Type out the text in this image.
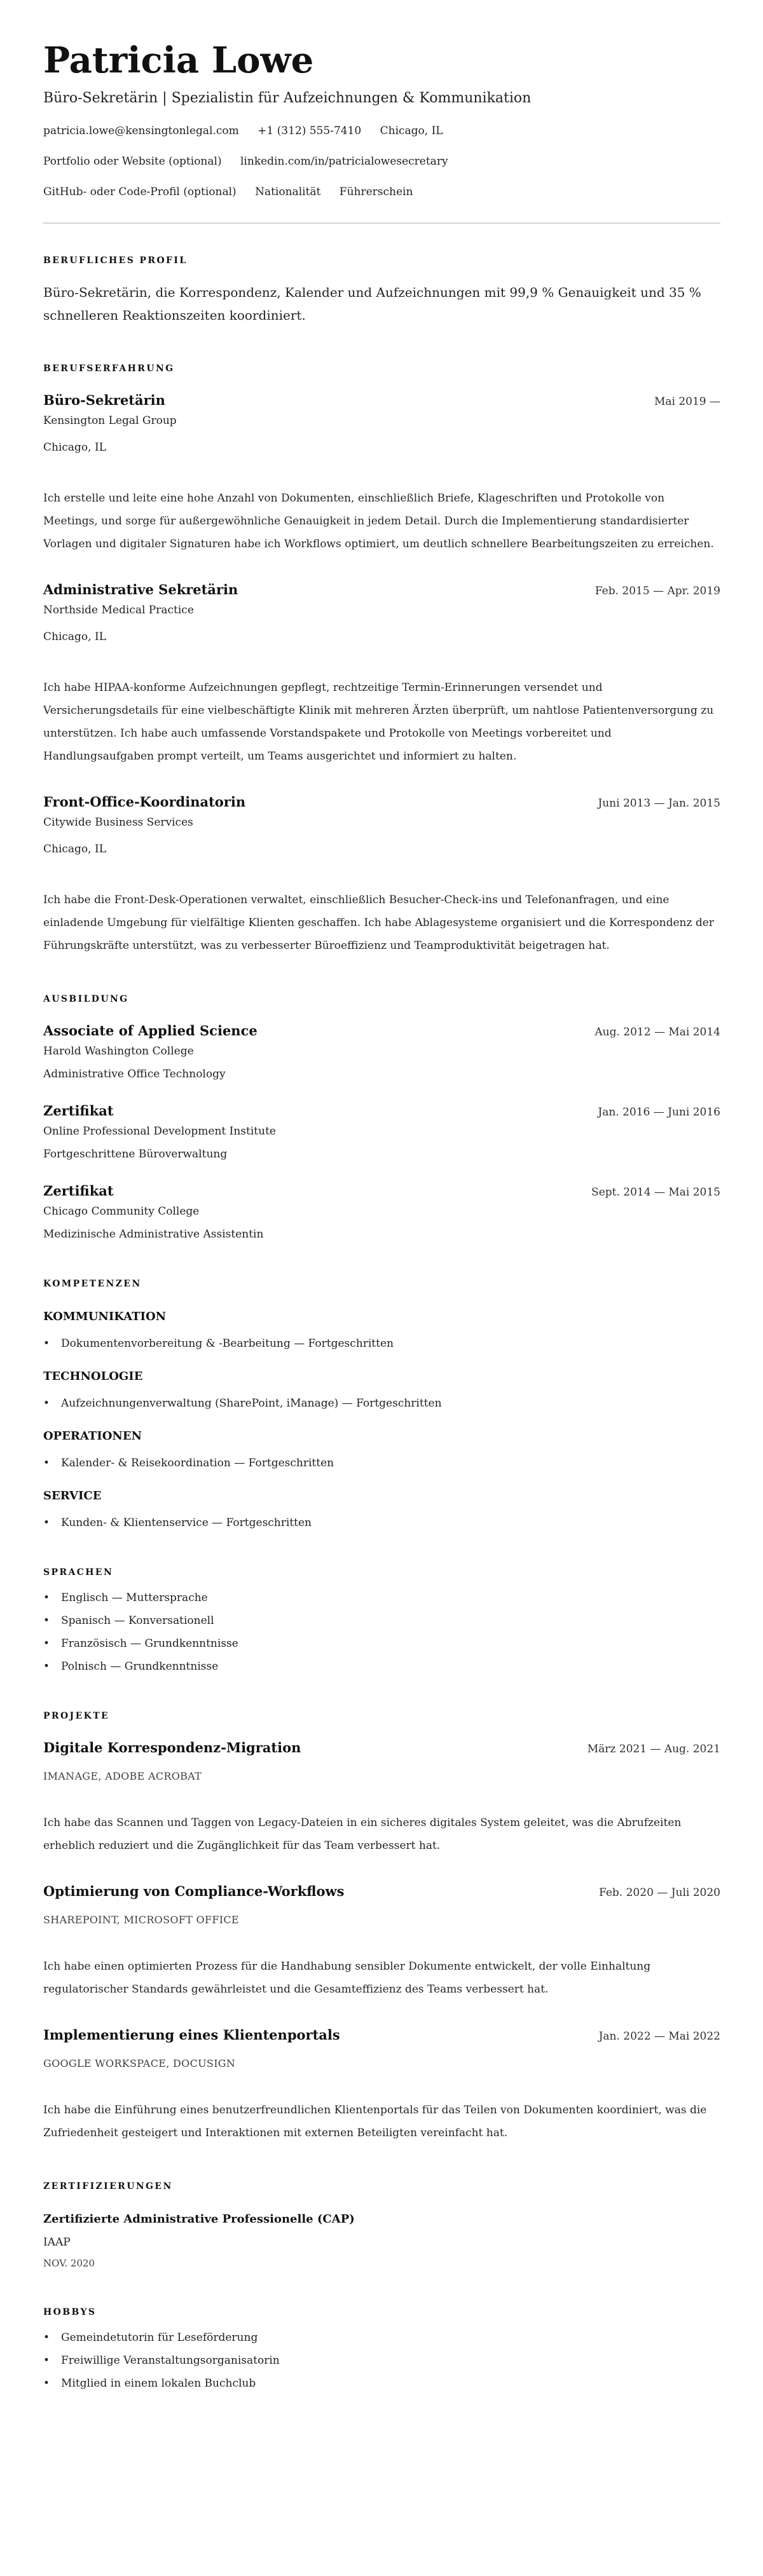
Patricia Lowe
Büro-Sekretärin | Spezialistin für Aufzeichnungen & Kommunikation
patricia.lowe@kensingtonlegal.com +1 (312) 555-7410 Chicago, IL
Portfolio oder Website (optional) linkedin.com/in/patricialowesecretary
GitHub- oder Code-Profil (optional) Nationalität Führerschein
BERUFLICHES PROFIL

Büro-Sekretärin, die Korrespondenz, Kalender und Aufzeichnungen mit 99,9 % Genauigkeit und 35 % schnelleren Reaktionszeiten koordiniert.

BERUFSERFAHRUNG
Büro-Sekretärin	Mai 2019 —
Kensington Legal Group
Chicago, IL

Ich erstelle und leite eine hohe Anzahl von Dokumenten, einschließlich Briefe, Klageschriften und Protokolle von Meetings, und sorge für außergewöhnliche Genauigkeit in jedem Detail. Durch die Implementierung standardisierter Vorlagen und digitaler Signaturen habe ich Workflows optimiert, um deutlich schnellere Bearbeitungszeiten zu erreichen.

Administrative Sekretärin	Feb. 2015 — Apr. 2019
Northside Medical Practice
Chicago, IL

Ich habe HIPAA-konforme Aufzeichnungen gepflegt, rechtzeitige Termin-Erinnerungen versendet und Versicherungsdetails für eine vielbeschäftigte Klinik mit mehreren Ärzten überprüft, um nahtlose Patientenversorgung zu unterstützen. Ich habe auch umfassende Vorstandspakete und Protokolle von Meetings vorbereitet und Handlungsaufgaben prompt verteilt, um Teams ausgerichtet und informiert zu halten.

Front-Office-Koordinatorin	Juni 2013 — Jan. 2015
Citywide Business Services
Chicago, IL

Ich habe die Front-Desk-Operationen verwaltet, einschließlich Besucher-Check-ins und Telefonanfragen, und eine einladende Umgebung für vielfältige Klienten geschaffen. Ich habe Ablagesysteme organisiert und die Korrespondenz der Führungskräfte unterstützt, was zu verbesserter Büroeffizienz und Teamproduktivität beigetragen hat.

AUSBILDUNG
Associate of Applied Science	Aug. 2012 — Mai 2014
Harold Washington College
Administrative Office Technology
Zertifikat	Jan. 2016 — Juni 2016
Online Professional Development Institute
Fortgeschrittene Büroverwaltung
Zertifikat	Sept. 2014 — Mai 2015
Chicago Community College
Medizinische Administrative Assistentin
KOMPETENZEN
KOMMUNIKATION
• Dokumentenvorbereitung & -Bearbeitung — Fortgeschritten
TECHNOLOGIE
• Aufzeichnungenverwaltung (SharePoint, iManage) — Fortgeschritten
OPERATIONEN
• Kalender- & Reisekoordination — Fortgeschritten
SERVICE
• Kunden- & Klientenservice — Fortgeschritten
SPRACHEN
• Englisch — Muttersprache
• Spanisch — Konversationell
• Französisch — Grundkenntnisse
• Polnisch — Grundkenntnisse
PROJEKTE
Digitale Korrespondenz-Migration	März 2021 — Aug. 2021
IMANAGE, ADOBE ACROBAT

Ich habe das Scannen und Taggen von Legacy-Dateien in ein sicheres digitales System geleitet, was die Abrufzeiten erheblich reduziert und die Zugänglichkeit für das Team verbessert hat.

Optimierung von Compliance-Workflows	Feb. 2020 — Juli 2020
SHAREPOINT, MICROSOFT OFFICE

Ich habe einen optimierten Prozess für die Handhabung sensibler Dokumente entwickelt, der volle Einhaltung regulatorischer Standards gewährleistet und die Gesamteffizienz des Teams verbessert hat.

Implementierung eines Klientenportals	Jan. 2022 — Mai 2022
GOOGLE WORKSPACE, DOCUSIGN

Ich habe die Einführung eines benutzerfreundlichen Klientenportals für das Teilen von Dokumenten koordiniert, was die Zufriedenheit gesteigert und Interaktionen mit externen Beteiligten vereinfacht hat.

ZERTIFIZIERUNGEN
Zertifizierte Administrative Professionelle (CAP)
IAAP
NOV. 2020
HOBBYS
• Gemeindetutorin für Leseförderung
• Freiwillige Veranstaltungsorganisatorin
• Mitglied in einem lokalen Buchclub
